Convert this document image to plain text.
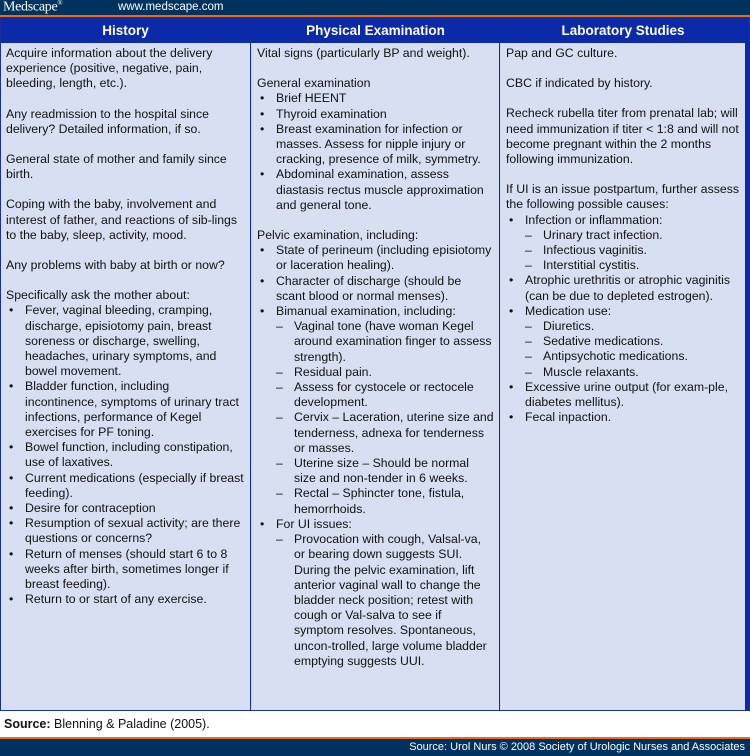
Medscape®	www.medscape.com
History

Acquire information about the delivery experience (positive, negative, pain, bleeding, length, etc.).

Any readmission to the hospital since delivery? Detailed information, if so.

General state of mother and family since birth.

Coping with the baby, involvement and interest of father, and reactions of sib-lings to the baby, sleep, activity, mood.

Any problems with baby at birth or now?

Specifically ask the mother about:
• Fever, vaginal bleeding, cramping, discharge, episiotomy pain, breast soreness or discharge, swelling, headaches, urinary symptoms, and bowel movement.
• Bladder function, including incontinence, symptoms of urinary tract infections, performance of Kegel exercises for PF toning.
• Bowel function, including constipation, use of laxatives.
• Current medications (especially if breast feeding).
• Desire for contraception
• Resumption of sexual activity; are there questions or concerns?
• Return of menses (should start 6 to 8 weeks after birth, sometimes longer if breast feeding).
• Return to or start of any exercise.
Physical Examination

Vital signs (particularly BP and weight).

General examination
• Brief HEENT
• Thyroid examination
• Breast examination for infection or masses. Assess for nipple injury or cracking, presence of milk, symmetry.
• Abdominal examination, assess diastasis rectus muscle approximation and general tone.
Pelvic examination, including:
• State of perineum (including episiotomy or laceration healing).
• Character of discharge (should be scant blood or normal menses).
• Bimanual examination, including:
– Vaginal tone (have woman Kegel around examination finger to assess strength).
– Residual pain.
– Assess for cystocele or rectocele development.
– Cervix – Laceration, uterine size and tenderness, adnexa for tenderness or masses.
– Uterine size – Should be normal size and non-tender in 6 weeks.
– Rectal – Sphincter tone, fistula, hemorrhoids.
• For UI issues:
– Provocation with cough, Valsal-va, or bearing down suggests SUI. During the pelvic examination, lift anterior vaginal wall to change the bladder neck position; retest with cough or Val-salva to see if symptom resolves. Spontaneous, uncon-trolled, large volume bladder emptying suggests UUI.
Laboratory Studies

Pap and GC culture.

CBC if indicated by history.

Recheck rubella titer from prenatal lab; will need immunization if titer < 1:8 and will not become pregnant within the 2 months following immunization.

If UI is an issue postpartum, further assess the following possible causes:
• Infection or inflammation:
– Urinary tract infection.
– Infectious vaginitis.
– Interstitial cystitis.
• Atrophic urethritis or atrophic vaginitis (can be due to depleted estrogen).
• Medication use:
– Diuretics.
– Sedative medications.
– Antipsychotic medications.
– Muscle relaxants.
• Excessive urine output (for exam-ple, diabetes mellitus).
• Fecal inpaction.
Source: Blenning & Paladine (2005).
Source: Urol Nurs © 2008 Society of Urologic Nurses and Associates
